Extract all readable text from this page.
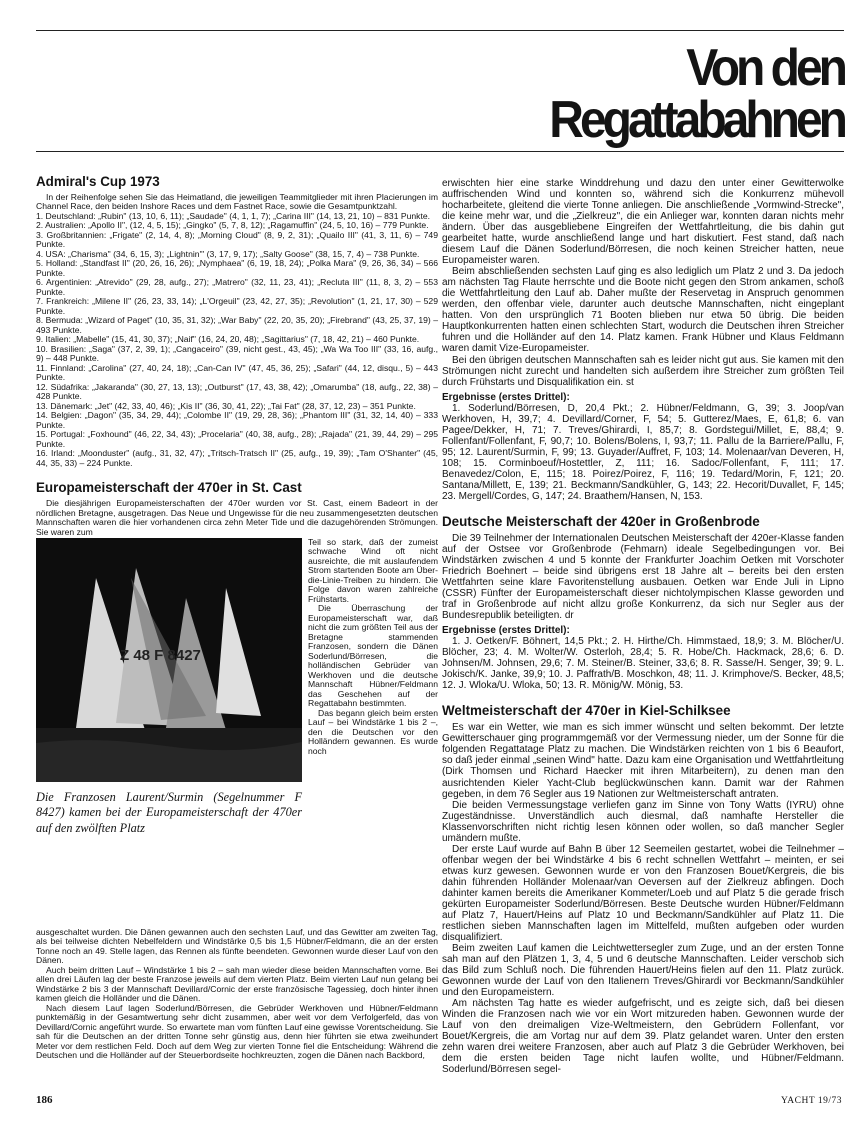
Von den Regattabahnen
Admiral's Cup 1973

In der Reihenfolge sehen Sie das Heimatland, die jeweiligen Teammitglieder mit ihren Placierungen im Channel Race, den beiden Inshore Races und dem Fastnet Race, sowie die Gesamtpunktzahl.

1. Deutschland: „Rubin" (13, 10, 6, 11); „Saudade" (4, 1, 1, 7); „Carina III" (14, 13, 21, 10) – 831 Punkte.

2. Australien: „Apollo II", (12, 4, 5, 15); „Gingko" (5, 7, 8, 12); „Ragamuffin" (24, 5, 10, 16) – 779 Punkte.

3. Großbritannien: „Frigate" (2, 14, 4, 8); „Morning Cloud" (8, 9, 2, 31); „Quailo III" (41, 3, 11, 6) – 749 Punkte.

4. USA: „Charisma" (34, 6, 15, 3); „Lightnin'" (3, 17, 9, 17); „Salty Goose" (38, 15, 7, 4) – 738 Punkte.

5. Holland: „Standfast II" (20, 26, 16, 26); „Nymphaea" (6, 19, 18, 24); „Polka Mara" (9, 26, 36, 34) – 566 Punkte.

6. Argentinien: „Atrevido" (29, 28, aufg., 27); „Matrero" (32, 11, 23, 41); „Recluta III" (11, 8, 3, 2) – 553 Punkte.

7. Frankreich: „Milene II" (26, 23, 33, 14); „L'Orgeuil" (23, 42, 27, 35); „Revolution" (1, 21, 17, 30) – 529 Punkte.

8. Bermuda: „Wizard of Paget" (10, 35, 31, 32); „War Baby" (22, 20, 35, 20); „Firebrand" (43, 25, 37, 19) – 493 Punkte.

9. Italien: „Mabelle" (15, 41, 30, 37); „Naif" (16, 24, 20, 48); „Sagittarius" (7, 18, 42, 21) – 460 Punkte.

10. Brasilien: „Saga" (37, 2, 39, 1); „Cangaceiro" (39, nicht gest., 43, 45); „Wa Wa Too III" (33, 16, aufg., 9) – 448 Punkte.

11. Finnland: „Carolina" (27, 40, 24, 18); „Can-Can IV" (47, 45, 36, 25); „Safari" (44, 12, disqu., 5) – 443 Punkte.

12. Südafrika: „Jakaranda" (30, 27, 13, 13); „Outburst" (17, 43, 38, 42); „Omarumba" (18, aufg., 22, 38) – 428 Punkte.

13. Dänemark: „Jet" (42, 33, 40, 46); „Kis II" (36, 30, 41, 22); „Tai Fat" (28, 37, 12, 23) – 351 Punkte.

14. Belgien: „Dagon" (35, 34, 29, 44); „Colombe II" (19, 29, 28, 36); „Phantom III" (31, 32, 14, 40) – 333 Punkte.

15. Portugal: „Foxhound" (46, 22, 34, 43); „Procelaria" (40, 38, aufg., 28); „Rajada" (21, 39, 44, 29) – 295 Punkte.

16. Irland: „Moonduster" (aufg., 31, 32, 47); „Tritsch-Tratsch II" (25, aufg., 19, 39); „Tam O'Shanter" (45, 44, 35, 33) – 224 Punkte.

Europameisterschaft der 470er in St. Cast

Die diesjährigen Europameisterschaften der 470er wurden vor St. Cast, einem Badeort in der nördlichen Bretagne, ausgetragen. Das Neue und Ungewisse für die neu zusammengesetzten deutschen Mannschaften waren die hier vorhandenen circa zehn Meter Tide und die dazugehörenden Strömungen. Sie waren zum

Z 48 F 8427
Die Franzosen Laurent/Surmin (Segelnummer F 8427) kamen bei der Europameisterschaft der 470er auf den zwölften Platz

Teil so stark, daß der zumeist schwache Wind oft nicht ausreichte, die mit auslaufendem Strom startenden Boote am Über-die-Linie-Treiben zu hindern. Die Folge davon waren zahlreiche Frühstarts.

Die Überraschung der Europameisterschaft war, daß nicht die zum größten Teil aus der Bretagne stammenden Franzosen, sondern die Dänen Soderlund/Börresen, die holländischen Gebrüder van Werkhoven und die deutsche Mannschaft Hübner/Feldmann das Geschehen auf der Regattabahn bestimmten.

Das begann gleich beim ersten Lauf – bei Windstärke 1 bis 2 –, den die Deutschen vor den Holländern gewannen. Es wurde noch

ausgeschaltet wurden. Die Dänen gewannen auch den sechsten Lauf, und das Gewitter am zweiten Tag, als bei teilweise dichten Nebelfeldern und Windstärke 0,5 bis 1,5 Hübner/Feldmann, die an der ersten Tonne noch an 49. Stelle lagen, das Rennen als fünfte beendeten. Gewonnen wurde dieser Lauf von den Dänen.

Auch beim dritten Lauf – Windstärke 1 bis 2 – sah man wieder diese beiden Mannschaften vorne. Bei allen drei Läufen lag der beste Franzose jeweils auf dem vierten Platz. Beim vierten Lauf nun gelang bei Windstärke 2 bis 3 der Mannschaft Devillard/Cornic der erste französische Tagessieg, doch hinter ihnen kamen gleich die Holländer und die Dänen.

Nach diesem Lauf lagen Soderlund/Börresen, die Gebrüder Werkhoven und Hübner/Feldmann punktemäßig in der Gesamtwertung sehr dicht zusammen, aber weit vor dem Verfolgerfeld, das von Devillard/Cornic angeführt wurde. So erwartete man vom fünften Lauf eine gewisse Vorentscheidung. Sie sah für die Deutschen an der dritten Tonne sehr günstig aus, denn hier führten sie etwa zweihundert Meter vor dem restlichen Feld. Doch auf dem Weg zur vierten Tonne fiel die Entscheidung: Während die Deutschen und die Holländer auf der Steuerbordseite hochkreuzten, zogen die Dänen nach Backbord,

erwischten hier eine starke Winddrehung und dazu den unter einer Gewitterwolke auffrischenden Wind und konnten so, während sich die Konkurrenz mühevoll hocharbeitete, gleitend die vierte Tonne anliegen. Die anschließende „Vormwind-Strecke", die keine mehr war, und die „Zielkreuz", die ein Anlieger war, konnten daran nichts mehr ändern. Über das ausgebliebene Eingreifen der Wettfahrtleitung, die bis dahin gut gearbeitet hatte, wurde anschließend lange und hart diskutiert. Fest stand, daß nach diesem Lauf die Dänen Soderlund/Börresen, die noch keinen Streicher hatten, neue Europameister waren.

Beim abschließenden sechsten Lauf ging es also lediglich um Platz 2 und 3. Da jedoch am nächsten Tag Flaute herrschte und die Boote nicht gegen den Strom ankamen, schoß die Wettfahrtleitung den Lauf ab. Daher mußte der Reservetag in Anspruch genommen werden, den offenbar viele, darunter auch deutsche Mannschaften, nicht eingeplant hatten. Von den ursprünglich 71 Booten blieben nur etwa 50 übrig. Die beiden Hauptkonkurrenten hatten einen schlechten Start, wodurch die Deutschen ihren Streicher fuhren und die Holländer auf den 14. Platz kamen. Frank Hübner und Klaus Feldmann waren damit Vize-Europameister.

Bei den übrigen deutschen Mannschaften sah es leider nicht gut aus. Sie kamen mit den Strömungen nicht zurecht und handelten sich außerdem ihre Streicher zum größten Teil durch Frühstarts und Disqualifikation ein. st

Ergebnisse (erstes Drittel):

1. Soderlund/Börresen, D, 20,4 Pkt.; 2. Hübner/Feldmann, G, 39; 3. Joop/van Werkhoven, H, 39,7; 4. Devillard/Corner, F, 54; 5. Gutterez/Maes, E, 61,8; 6. van Pagee/Dekker, H, 71; 7. Treves/Ghirardi, I, 85,7; 8. Gordstegui/Millet, E, 88,4; 9. Follenfant/Follenfant, F, 90,7; 10. Bolens/Bolens, I, 93,7; 11. Pallu de la Barriere/Pallu, F, 95; 12. Laurent/Surmin, F, 99; 13. Guyader/Auffret, F, 103; 14. Molenaar/van Deveren, H, 108; 15. Corminboeuf/Hostettler, Z, 111; 16. Sadoc/Follenfant, F, 111; 17. Benavedez/Colon, E, 115; 18. Poirez/Poirez, F, 116; 19. Tedard/Morin, F, 121; 20. Santana/Millett, E, 139; 21. Beckmann/Sandkühler, G, 143; 22. Hecorit/Duvallet, F, 145; 23. Mergell/Cordes, G, 147; 24. Braathem/Hansen, N, 153.

Deutsche Meisterschaft der 420er in Großenbrode

Die 39 Teilnehmer der Internationalen Deutschen Meisterschaft der 420er-Klasse fanden auf der Ostsee vor Großenbrode (Fehmarn) ideale Segelbedingungen vor. Bei Windstärken zwischen 4 und 5 konnte der Frankfurter Joachim Oetken mit Vorschoter Friedrich Boehnert – beide sind übrigens erst 18 Jahre alt – bereits bei den ersten Wettfahrten seine klare Favoritenstellung ausbauen. Oetken war Ende Juli in Lipno (CSSR) Fünfter der Europameisterschaft dieser nichtolympischen Klasse geworden und traf in Großenbrode auf nicht allzu große Konkurrenz, da sich nur Segler aus der Bundesrepublik beteiligten. dr

Ergebnisse (erstes Drittel):

1. J. Oetken/F. Böhnert, 14,5 Pkt.; 2. H. Hirthe/Ch. Himmstaed, 18,9; 3. M. Blöcher/U. Blöcher, 23; 4. M. Wolter/W. Osterloh, 28,4; 5. R. Hobe/Ch. Hackmack, 28,6; 6. D. Johnsen/M. Johnsen, 29,6; 7. M. Steiner/B. Steiner, 33,6; 8. R. Sasse/H. Senger, 39; 9. L. Jokisch/K. Janke, 39,9; 10. J. Paffrath/B. Moschkon, 48; 11. J. Krimphove/S. Becker, 48,5; 12. J. Wloka/U. Wloka, 50; 13. R. Mönig/W. Mönig, 53.

Weltmeisterschaft der 470er in Kiel-Schilksee

Es war ein Wetter, wie man es sich immer wünscht und selten bekommt. Der letzte Gewitterschauer ging programmgemäß vor der Vermessung nieder, um der Sonne für die folgenden Regattatage Platz zu machen. Die Windstärken reichten von 1 bis 6 Beaufort, so daß jeder einmal „seinen Wind" hatte. Dazu kam eine Organisation und Wettfahrtleitung (Dirk Thomsen und Richard Haecker mit ihren Mitarbeitern), zu denen man den ausrichtenden Kieler Yacht-Club beglückwünschen kann. Damit war der Rahmen gegeben, in dem 76 Segler aus 19 Nationen zur Weltmeisterschaft antraten.

Die beiden Vermessungstage verliefen ganz im Sinne von Tony Watts (IYRU) ohne Zugeständnisse. Unverständlich auch diesmal, daß namhafte Hersteller die Klassenvorschriften nicht richtig lesen können oder wollen, so daß mancher Segler umändern mußte.

Der erste Lauf wurde auf Bahn B über 12 Seemeilen gestartet, wobei die Teilnehmer – offenbar wegen der bei Windstärke 4 bis 6 recht schnellen Wettfahrt – meinten, er sei etwas kurz gewesen. Gewonnen wurde er von den Franzosen Bouet/Kergreis, die bis dahin führenden Holländer Molenaar/van Oeversen auf der Zielkreuz abfingen. Doch dahinter kamen bereits die Amerikaner Kommeter/Loeb und auf Platz 5 die gerade frisch gekürten Europameister Soderlund/Börresen. Beste Deutsche wurden Hübner/Feldmann auf Platz 7, Hauert/Heins auf Platz 10 und Beckmann/Sandkühler auf Platz 11. Die restlichen sieben Mannschaften lagen im Mittelfeld, mußten aufgeben oder wurden disqualifiziert.

Beim zweiten Lauf kamen die Leichtwettersegler zum Zuge, und an der ersten Tonne sah man auf den Plätzen 1, 3, 4, 5 und 6 deutsche Mannschaften. Leider verschob sich das Bild zum Schluß noch. Die führenden Hauert/Heins fielen auf den 11. Platz zurück. Gewonnen wurde der Lauf von den Italienern Treves/Ghirardi vor Beckmann/Sandkühler und den Europameistern.

Am nächsten Tag hatte es wieder aufgefrischt, und es zeigte sich, daß bei diesen Winden die Franzosen nach wie vor ein Wort mitzureden haben. Gewonnen wurde der Lauf von den dreimaligen Vize-Weltmeistern, den Gebrüdern Follenfant, vor Bouet/Kergreis, die am Vortag nur auf dem 39. Platz gelandet waren. Unter den ersten zehn waren drei weitere Franzosen, aber auch auf Platz 3 die Gebrüder Werkhoven, bei dem die ersten beiden Tage nicht laufen wollte, und Hübner/Feldmann. Soderlund/Börresen segel-

186	YACHT 19/73
